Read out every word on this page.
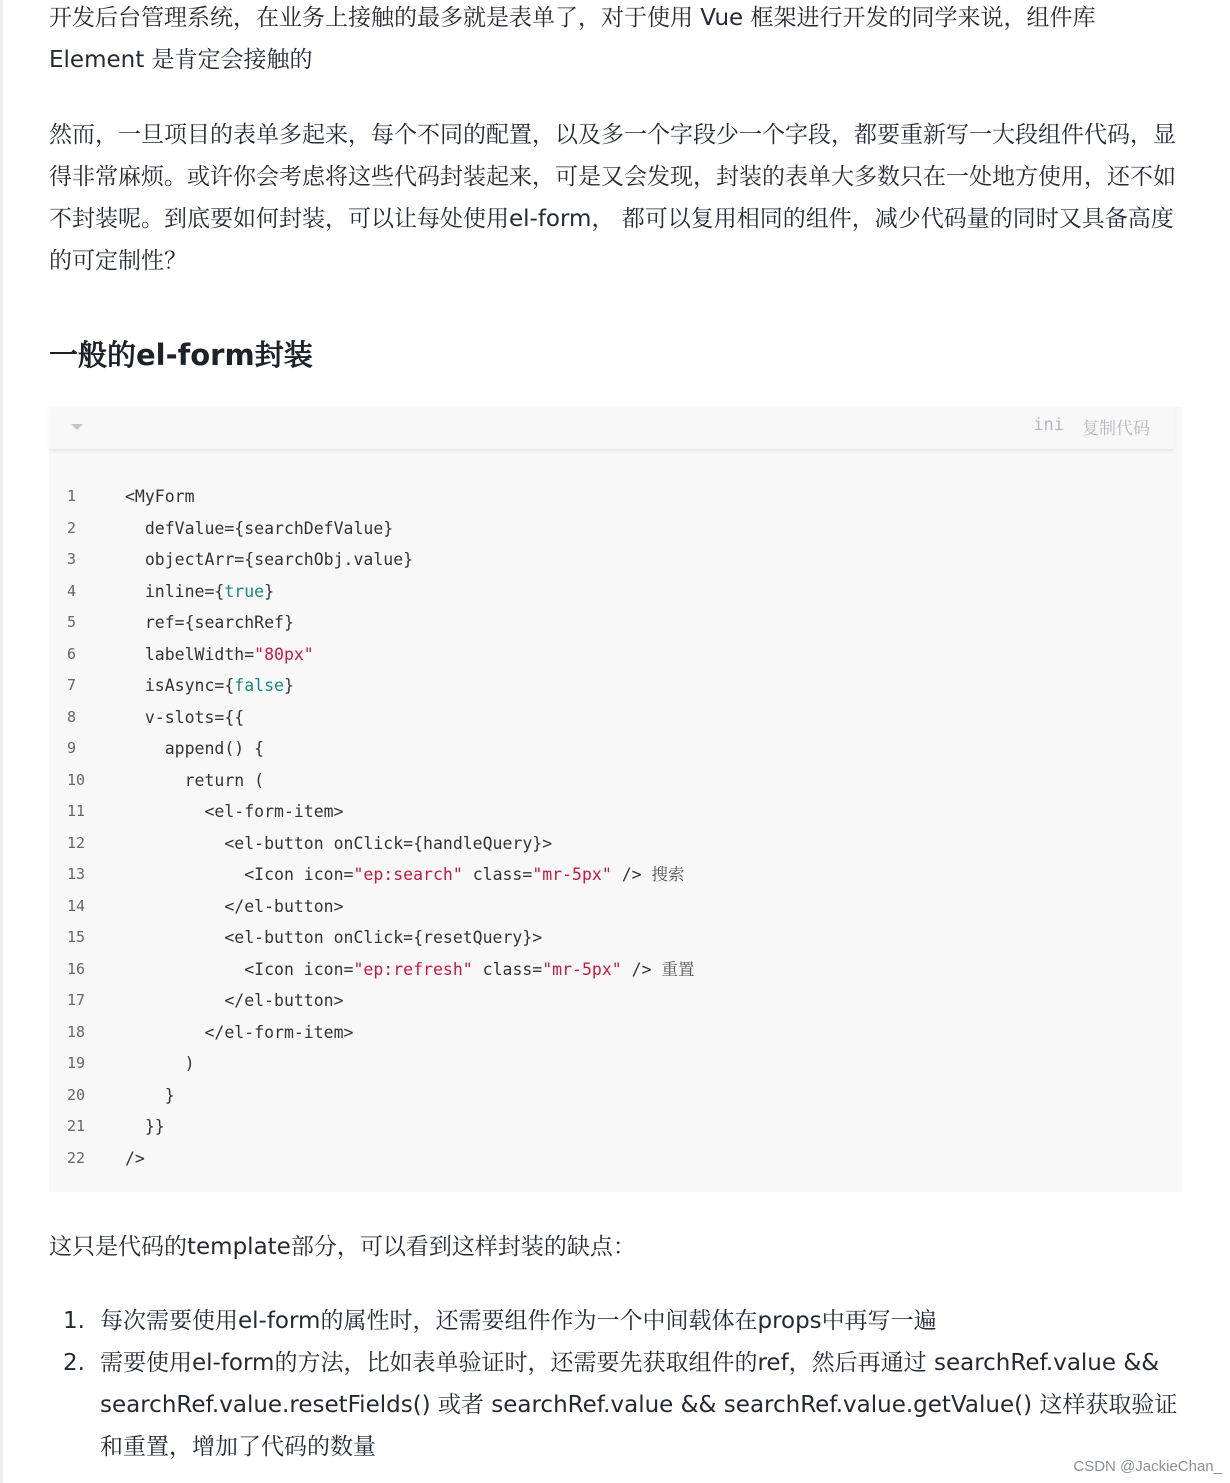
开发后台管理系统，在业务上接触的最多就是表单了，对于使用 Vue 框架进行开发的同学来说，组件库 Element 是肯定会接触的

然而，一旦项目的表单多起来，每个不同的配置，以及多一个字段少一个字段，都要重新写一大段组件代码，显得非常麻烦。或许你会考虑将这些代码封装起来，可是又会发现，封装的表单大多数只在一处地方使用，还不如不封装呢。到底要如何封装，可以让每处使用el-form， 都可以复用相同的组件，减少代码量的同时又具备高度的可定制性？

一般的el-form封装
ini 复制代码
1	<MyForm
2	defValue={searchDefValue}
3	objectArr={searchObj.value}
4	inline={true}
5	ref={searchRef}
6	labelWidth="80px"
7	isAsync={false}
8	v-slots={{
9	append() {
10	return (
11	<el-form-item>
12	<el-button onClick={handleQuery}>
13	<Icon icon="ep:search" class="mr-5px" /> 搜索
14	</el-button>
15	<el-button onClick={resetQuery}>
16	<Icon icon="ep:refresh" class="mr-5px" /> 重置
17	</el-button>
18	</el-form-item>
19	)
20	}
21	}}
22	/>

这只是代码的template部分，可以看到这样封装的缺点：

1. 每次需要使用el-form的属性时，还需要组件作为一个中间载体在props中再写一遍
2. 需要使用el-form的方法，比如表单验证时，还需要先获取组件的ref，然后再通过 searchRef.value && searchRef.value.resetFields() 或者 searchRef.value && searchRef.value.getValue() 这样获取验证和重置，增加了代码的数量
CSDN @JackieChan_
